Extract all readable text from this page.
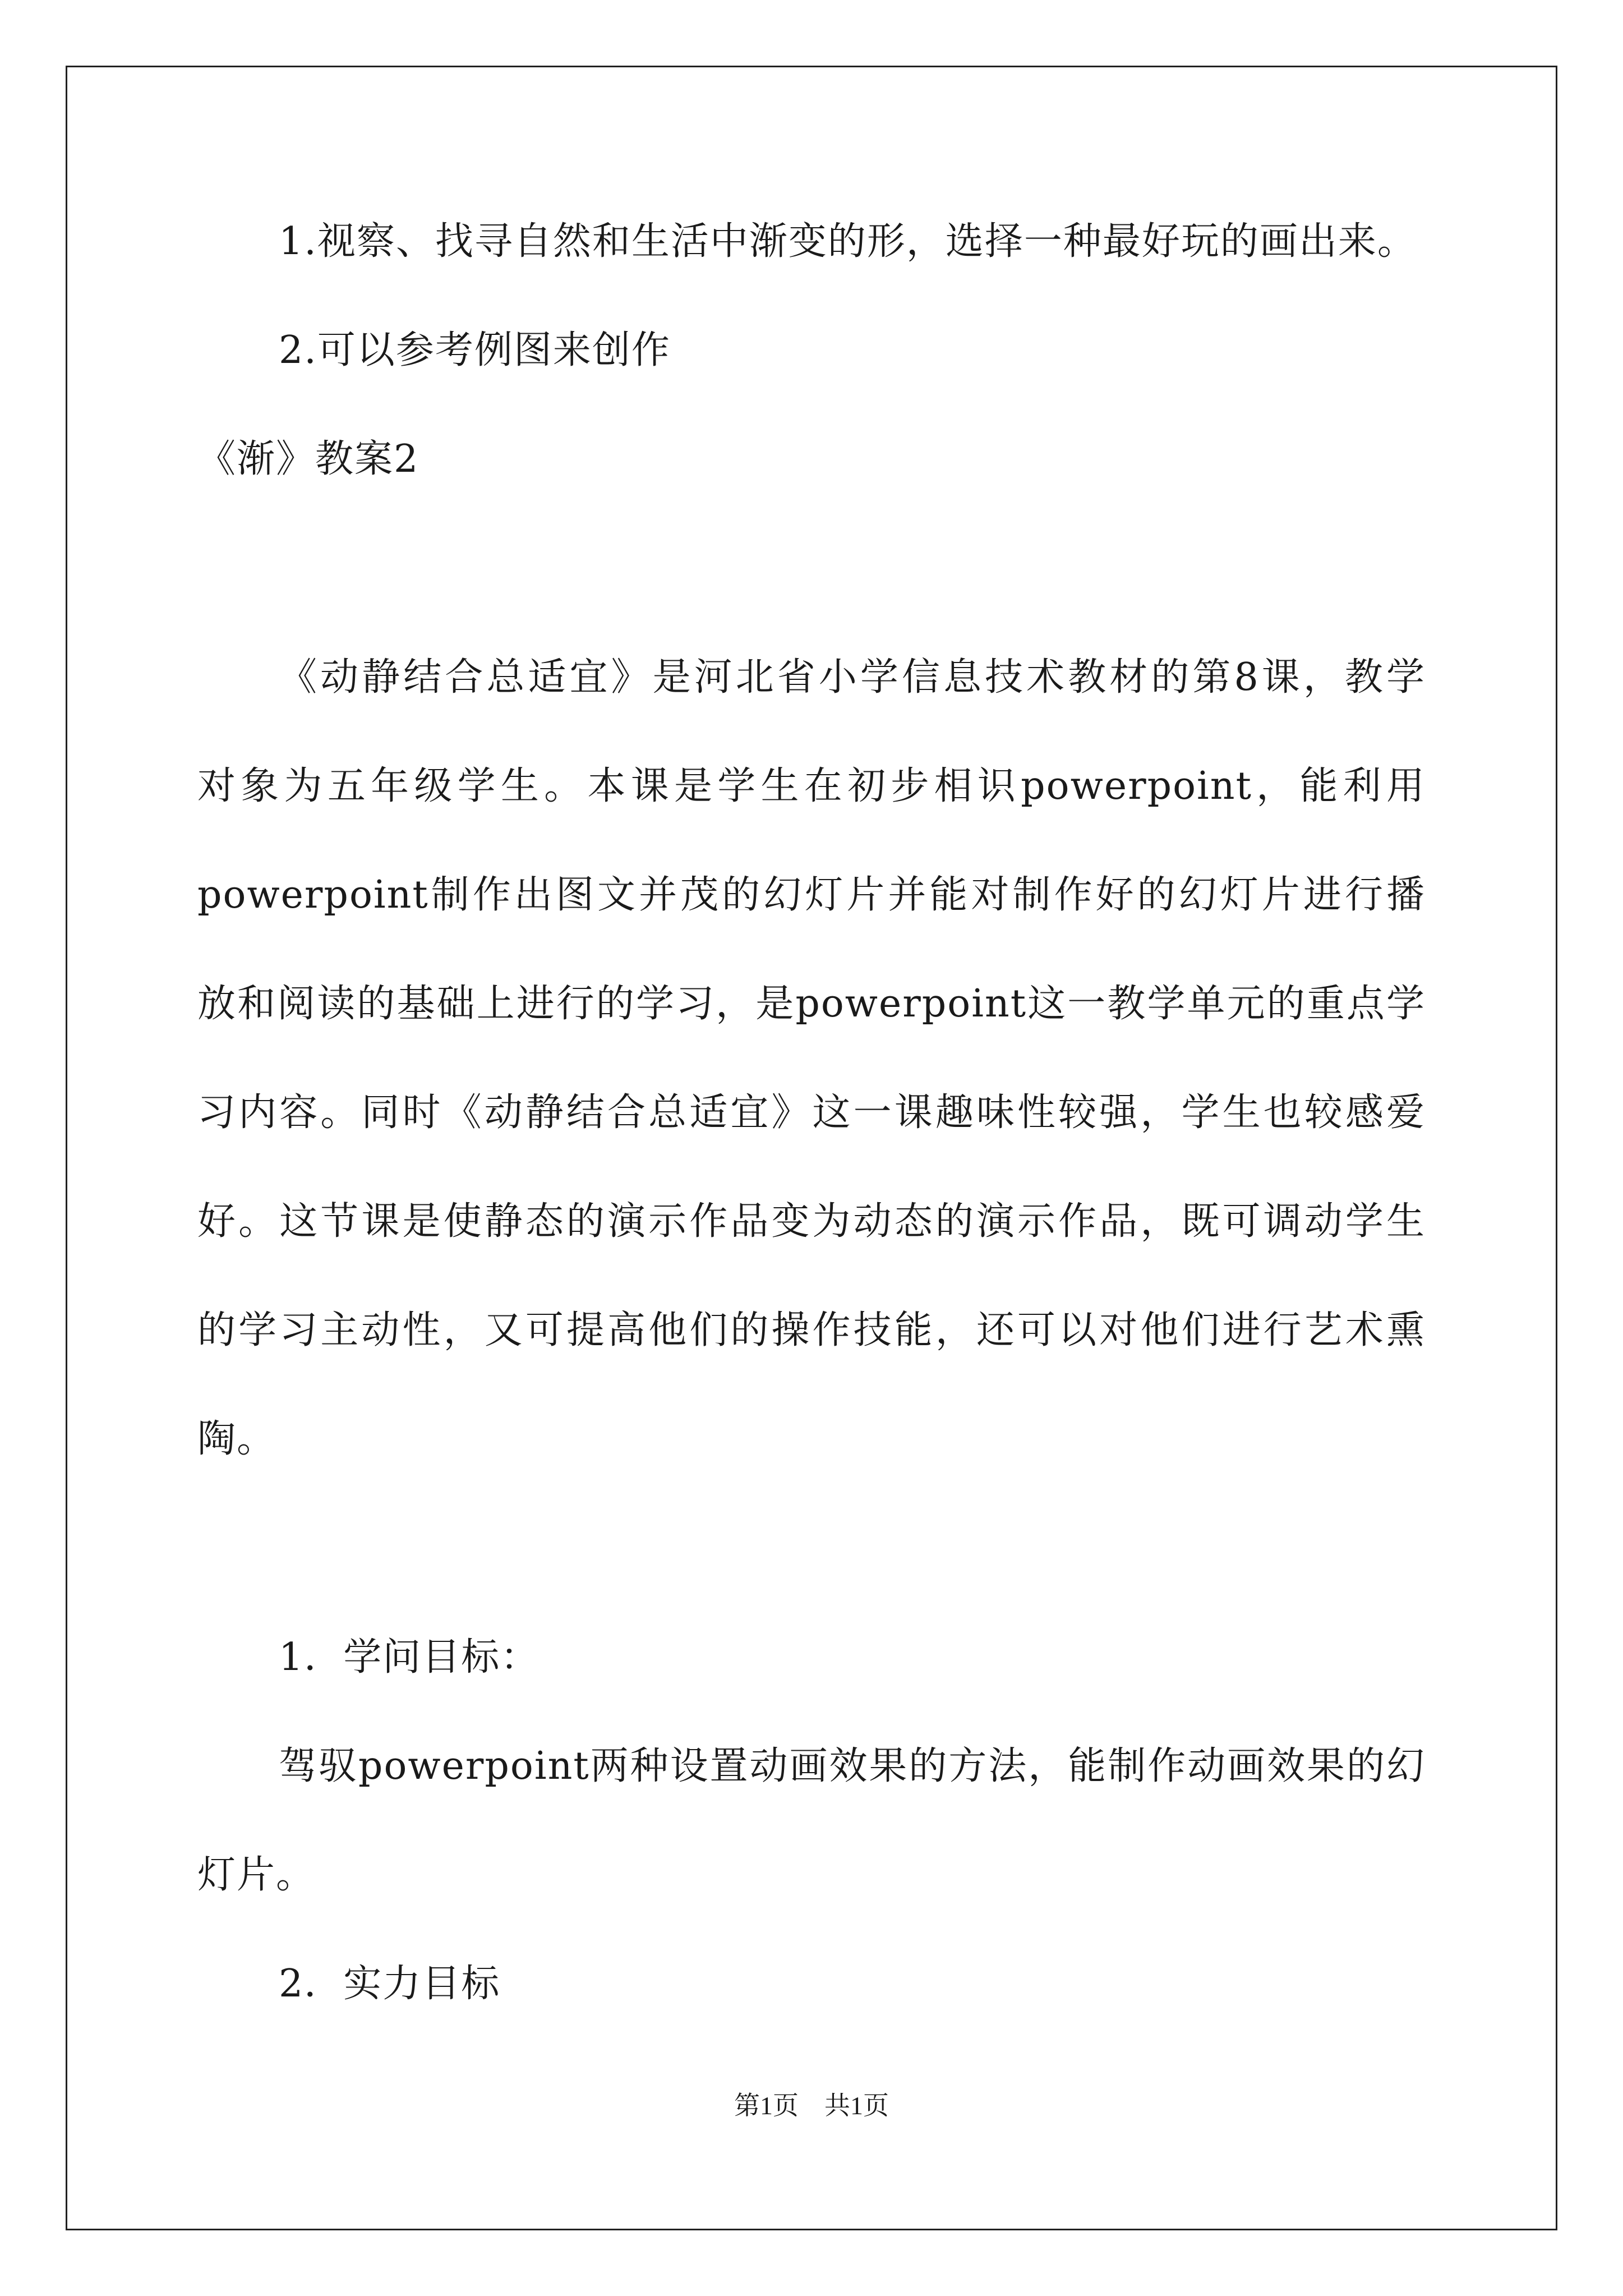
1.视察、找寻自然和生活中渐变的形，选择一种最好玩的画出来。
2.可以参考例图来创作
《渐》教案2
《动静结合总适宜》是河北省小学信息技术教材的第8课，教学
对象为五年级学生。本课是学生在初步相识powerpoint，能利用
powerpoint制作出图文并茂的幻灯片并能对制作好的幻灯片进行播
放和阅读的基础上进行的学习，是powerpoint这一教学单元的重点学
习内容。同时《动静结合总适宜》这一课趣味性较强，学生也较感爱
好。这节课是使静态的演示作品变为动态的演示作品，既可调动学生
的学习主动性，又可提高他们的操作技能，还可以对他们进行艺术熏
陶。
1．学问目标：
驾驭powerpoint两种设置动画效果的方法，能制作动画效果的幻
灯片。
2．实力目标
第1页　共1页
